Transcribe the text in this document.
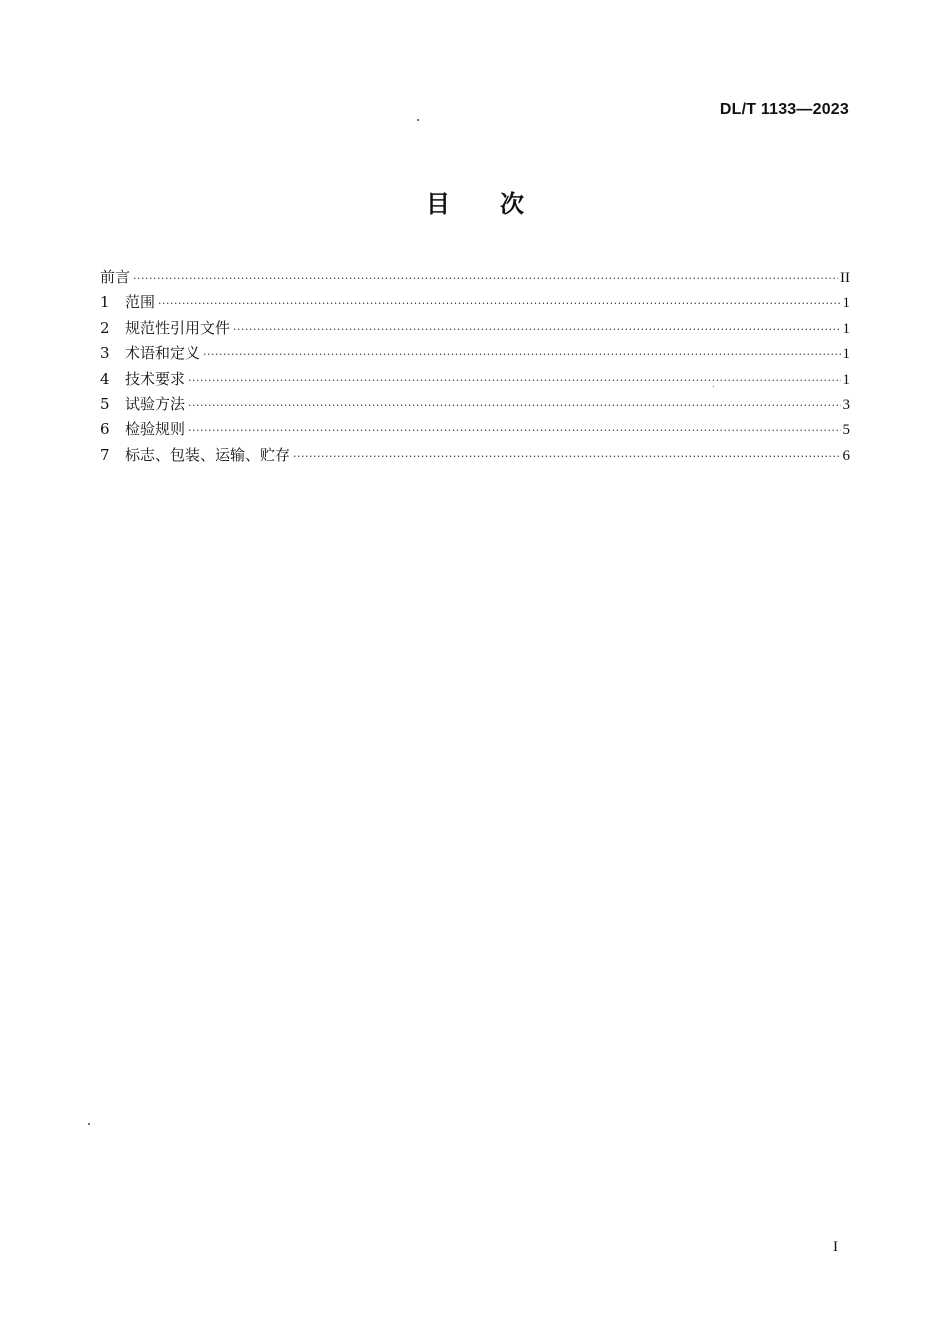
DL/T 1133—2023
目次
前言 ·····	II
1	范围 ·····	1
2	规范性引用文件 ·····	1
3	术语和定义 ·····	1
4	技术要求 ·····	1
5	试验方法 ·····	3
6	检验规则 ·····	5
7	标志、包装、运输、贮存 ·····	6
I
